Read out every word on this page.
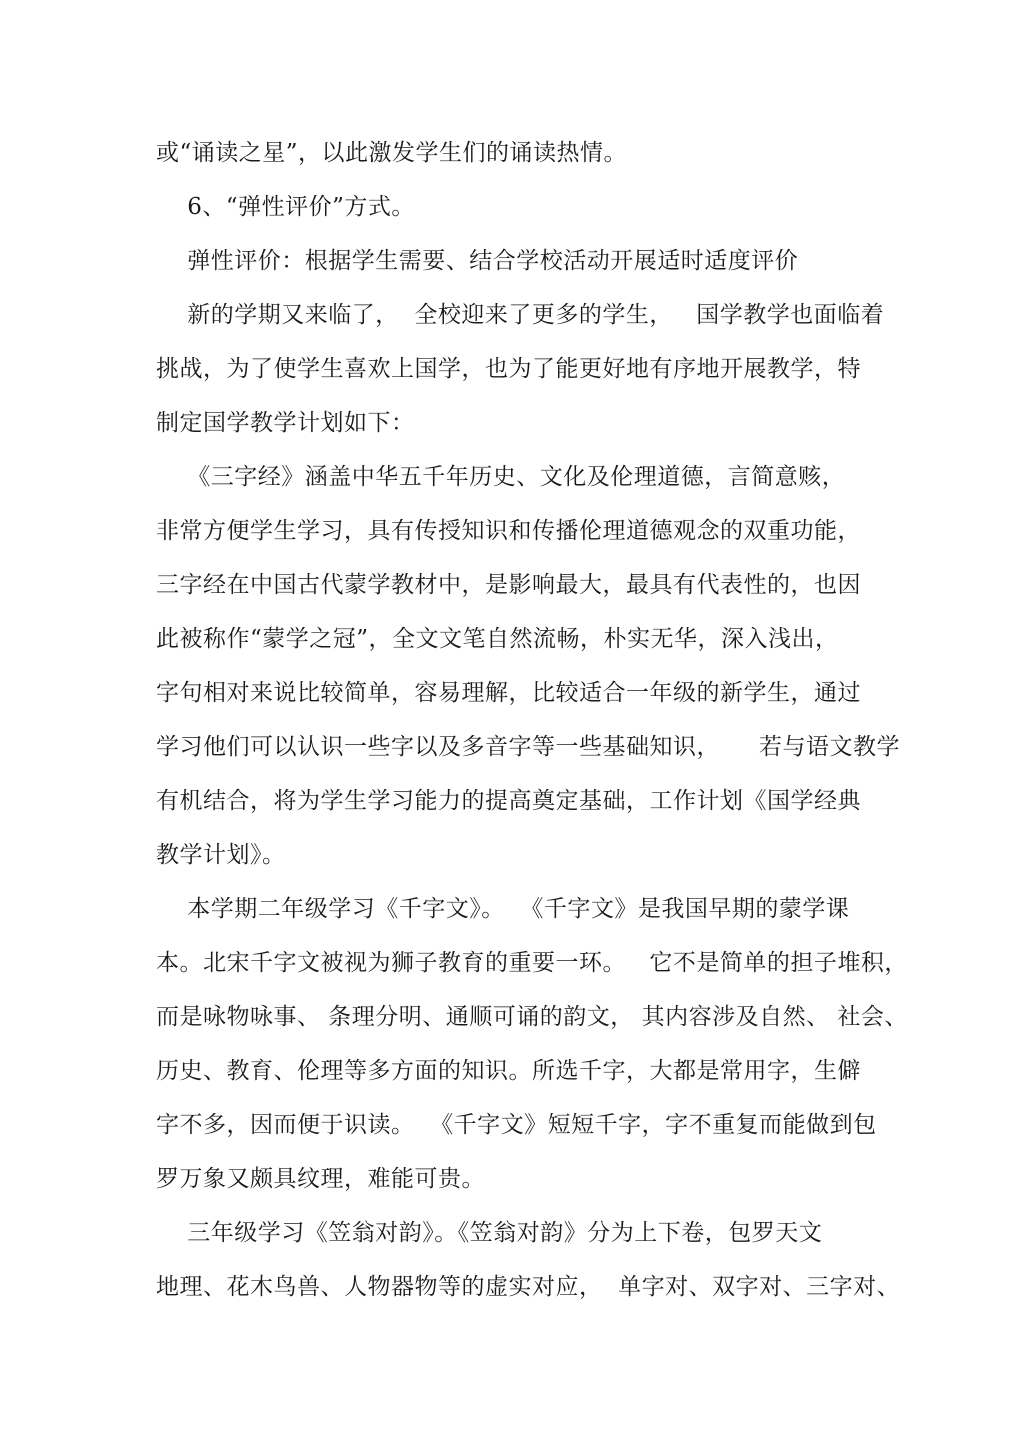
或“诵读之星”，以此激发学生们的诵读热情。
6、“弹性评价”方式。
弹性评价：根据学生需要、结合学校活动开展适时适度评价
新的学期又来临了，  全校迎来了更多的学生，   国学教学也面临着
挑战，为了使学生喜欢上国学，也为了能更好地有序地开展教学，特
制定国学教学计划如下：
《三字经》涵盖中华五千年历史、文化及伦理道德，言简意赅，
非常方便学生学习，具有传授知识和传播伦理道德观念的双重功能，
三字经在中国古代蒙学教材中，是影响最大，最具有代表性的，也因
此被称作“蒙学之冠”，全文文笔自然流畅，朴实无华，深入浅出，
字句相对来说比较简单，容易理解，比较适合一年级的新学生，通过
学习他们可以认识一些字以及多音字等一些基础知识，     若与语文教学
有机结合，将为学生学习能力的提高奠定基础，工作计划《国学经典
教学计划》。
本学期二年级学习《千字文》。  《千字文》是我国早期的蒙学课
本。北宋千字文被视为狮子教育的重要一环。   它不是简单的担子堆积，
而是咏物咏事、 条理分明、通顺可诵的韵文， 其内容涉及自然、 社会、
历史、教育、伦理等多方面的知识。所选千字，大都是常用字，生僻
字不多，因而便于识读。  《千字文》短短千字，字不重复而能做到包
罗万象又颇具纹理，难能可贵。
三年级学习《笠翁对韵》。《笠翁对韵》分为上下卷，包罗天文
地理、花木鸟兽、人物器物等的虚实对应，  单字对、双字对、三字对、
